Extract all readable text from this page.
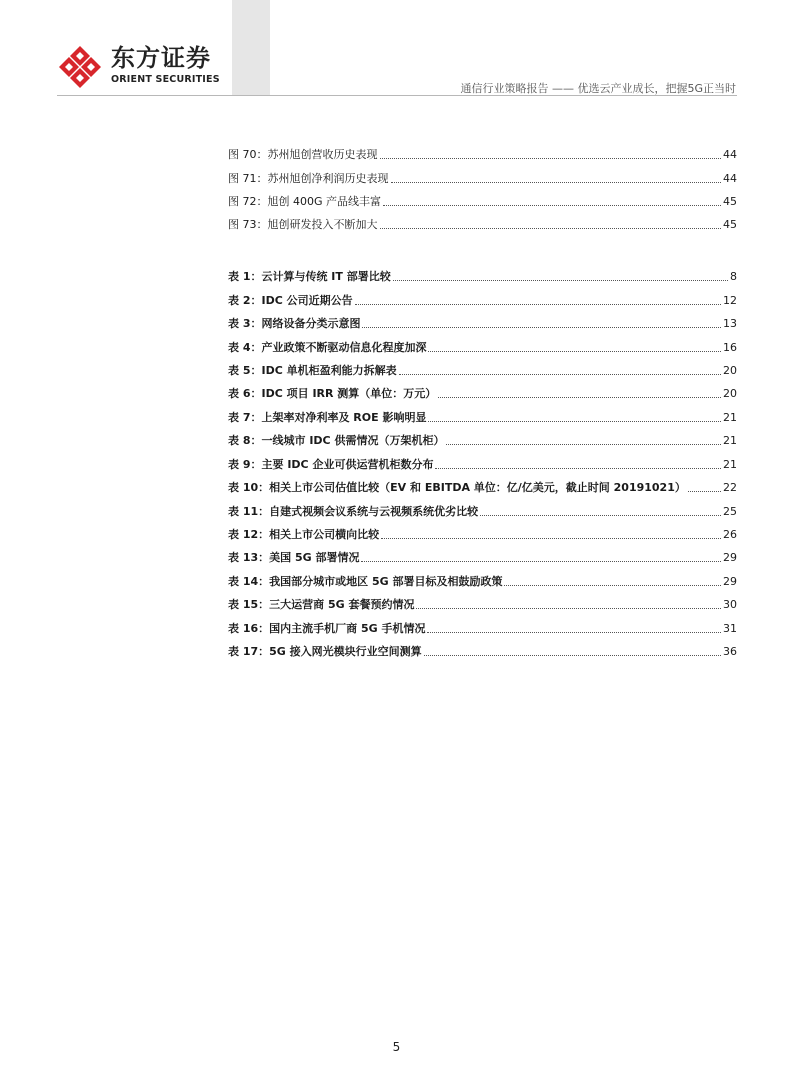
东方证券
ORIENT SECURITIES
通信行业策略报告 —— 优选云产业成长，把握5G正当时
图 70：苏州旭创营收历史表现	44
图 71：苏州旭创净利润历史表现	44
图 72：旭创 400G 产品线丰富	45
图 73：旭创研发投入不断加大	45
表 1：云计算与传统 IT 部署比较	8
表 2：IDC 公司近期公告	12
表 3：网络设备分类示意图	13
表 4：产业政策不断驱动信息化程度加深	16
表 5：IDC 单机柜盈利能力拆解表	20
表 6：IDC 项目 IRR 测算（单位：万元）	20
表 7：上架率对净利率及 ROE 影响明显	21
表 8：一线城市 IDC 供需情况（万架机柜）	21
表 9：主要 IDC 企业可供运营机柜数分布	21
表 10：相关上市公司估值比较（EV 和 EBITDA 单位：亿/亿美元，截止时间 20191021）	22
表 11：自建式视频会议系统与云视频系统优劣比较	25
表 12：相关上市公司横向比较	26
表 13：美国 5G 部署情况	29
表 14：我国部分城市或地区 5G 部署目标及相鼓励政策	29
表 15：三大运营商 5G 套餐预约情况	30
表 16：国内主流手机厂商 5G 手机情况	31
表 17：5G 接入网光模块行业空间测算	36
5
